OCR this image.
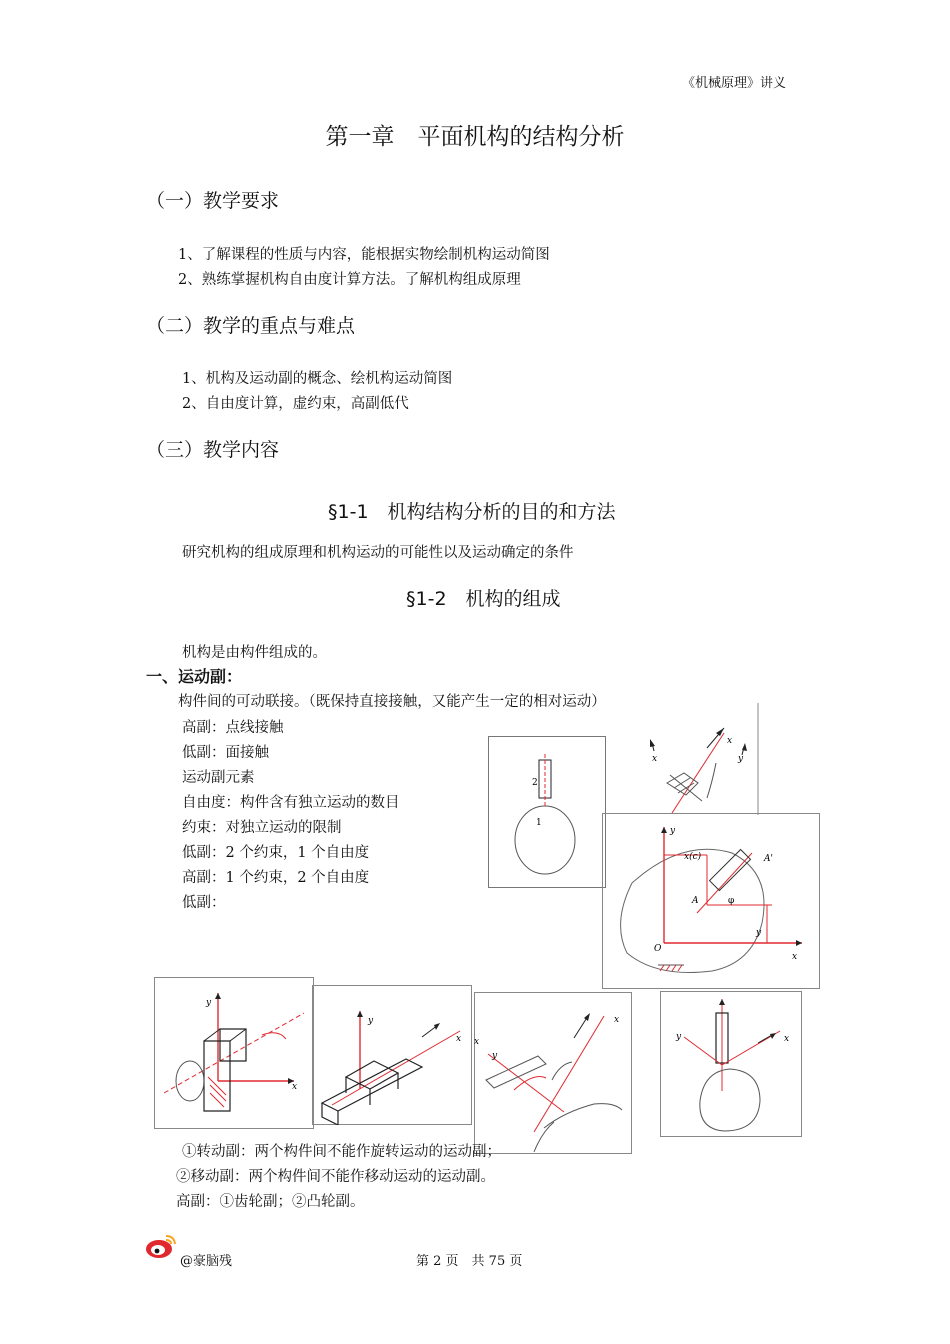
《机械原理》讲义
第一章　平面机构的结构分析
（一）教学要求
1、了解课程的性质与内容，能根据实物绘制机构运动简图
2、熟练掌握机构自由度计算方法。了解机构组成原理
（二）教学的重点与难点
1、机构及运动副的概念、绘机构运动简图
2、自由度计算，虚约束，高副低代
（三）教学内容
§1-1　机构结构分析的目的和方法
研究机构的组成原理和机构运动的可能性以及运动确定的条件
§1-2　机构的组成
机构是由构件组成的。
一、运动副：
构件间的可动联接。（既保持直接接触，又能产生一定的相对运动）
高副：点线接触
低副：面接触
运动副元素
自由度：构件含有独立运动的数目
约束：对独立运动的限制
低副：2 个约束，1 个自由度
高副：1 个约束，2 个自由度
低副：
2
1
x
x	y
y
x(c)	A'
A	φ
y
O
x
y
x
y
x
x
x
y
y	x
①转动副：两个构件间不能作旋转运动的运动副；
②移动副：两个构件间不能作移动运动的运动副。
高副：①齿轮副；②凸轮副。
@豪脑残	第 2 页　共 75 页
